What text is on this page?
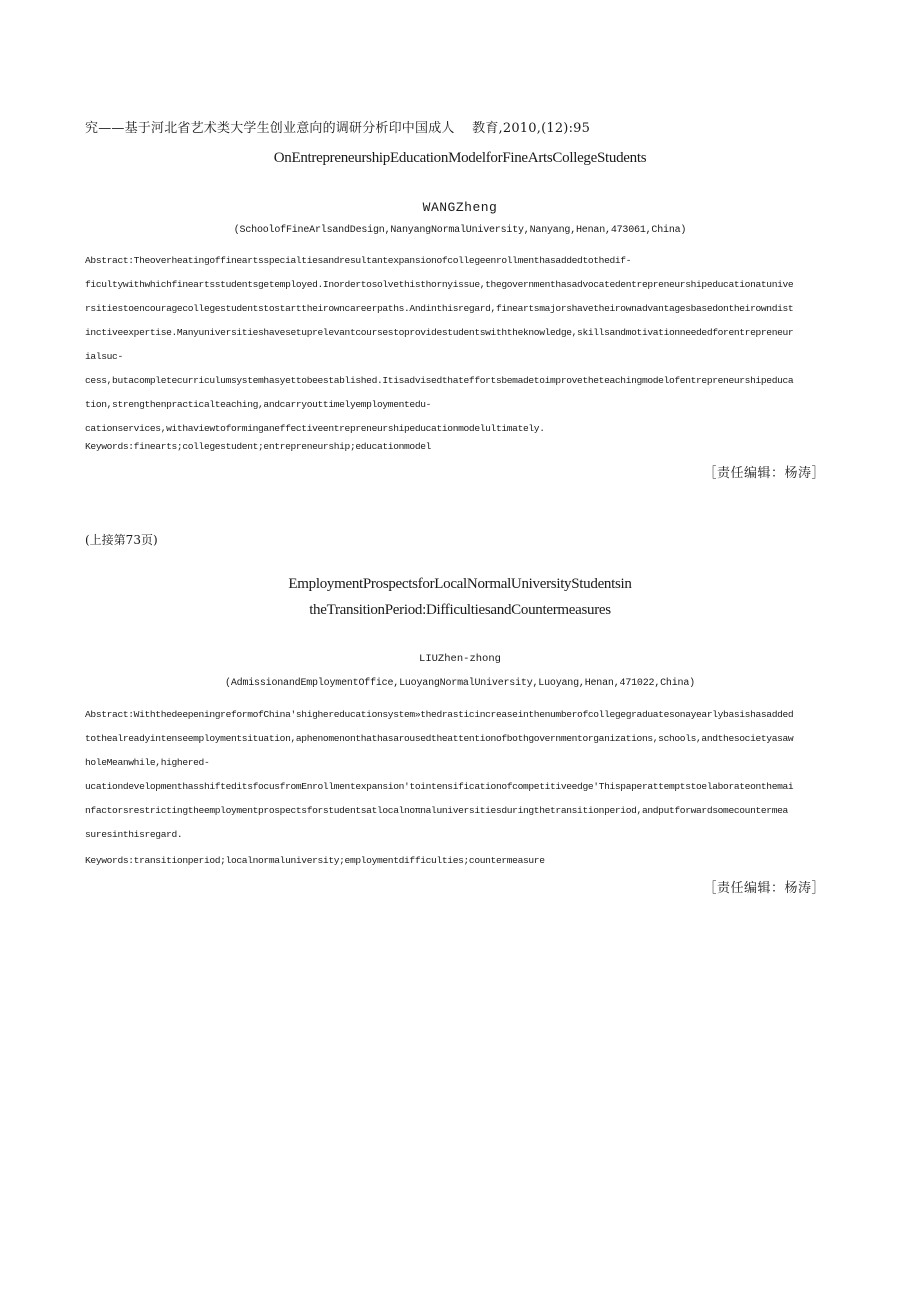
究——基于河北省艺术类大学生创业意向的调研分析印中国成人　 教育,2010,(12):95
OnEntrepreneurshipEducationModelforFineArtsCollegeStudents
WANGZheng
(SchoolofFineArlsandDesign,NanyangNormalUniversity,Nanyang,Henan,473061,China)
Abstract:Theoverheatingoffineartsspecialtiesandresultantexpansionofcollegeenrollmenthasaddedtothedif-
ficultywithwhichfineartsstudentsgetemployed.Inordertosolvethisthornyissue,thegovernmenthasadvocatedentrepreneurshipeducationatunive
rsitiestoencouragecollegestudentstostarttheirowncareerpaths.Andinthisregard,fineartsmajorshavetheirownadvantagesbasedontheirowndist
inctiveexpertise.Manyuniversitieshavesetuprelevantcoursestoprovidestudentswiththeknowledge,skillsandmotivationneededforentrepreneur
ialsuc-
cess,butacompletecurriculumsystemhasyettobeestablished.Itisadvisedthateffortsbemadetoimprovetheteachingmodelofentrepreneurshipeduca
tion,strengthenpracticalteaching,andcarryouttimelyemploymentedu-
cationservices,withaviewtoforminganeffectiveentrepreneurshipeducationmodelultimately.
Keywords:finearts;collegestudent;entrepreneurship;educationmodel
［责任编辑：杨涛］
(上接第73页)
EmploymentProspectsforLocalNormalUniversityStudentsin
theTransitionPeriod:DifficultiesandCountermeasures
LIUZhen-zhong
(AdmissionandEmploymentOffice,LuoyangNormalUniversity,Luoyang,Henan,471022,China)
Abstract:WiththedeepeningreformofChina'shighereducationsystem»thedrasticincreaseinthenumberofcollegegraduatesonayearlybasishasadded
tothealreadyintenseemploymentsituation,aphenomenonthathasarousedtheattentionofbothgovernmentorganizations,schools,andthesocietyasaw
holeMeanwhile,highered-
ucationdevelopmenthasshifteditsfocusfromEnrollmentexpansion'tointensificationofcompetitiveedge'Thispaperattemptstoelaborateonthemai
nfactorsrestrictingtheemploymentprospectsforstudentsatlocalnoπnaluniversitiesduringthetransitionperiod,andputforwardsomecountermea
suresinthisregard.
Keywords:transitionperiod;localnormaluniversity;employmentdifficulties;countermeasure
［责任编辑：杨涛］
